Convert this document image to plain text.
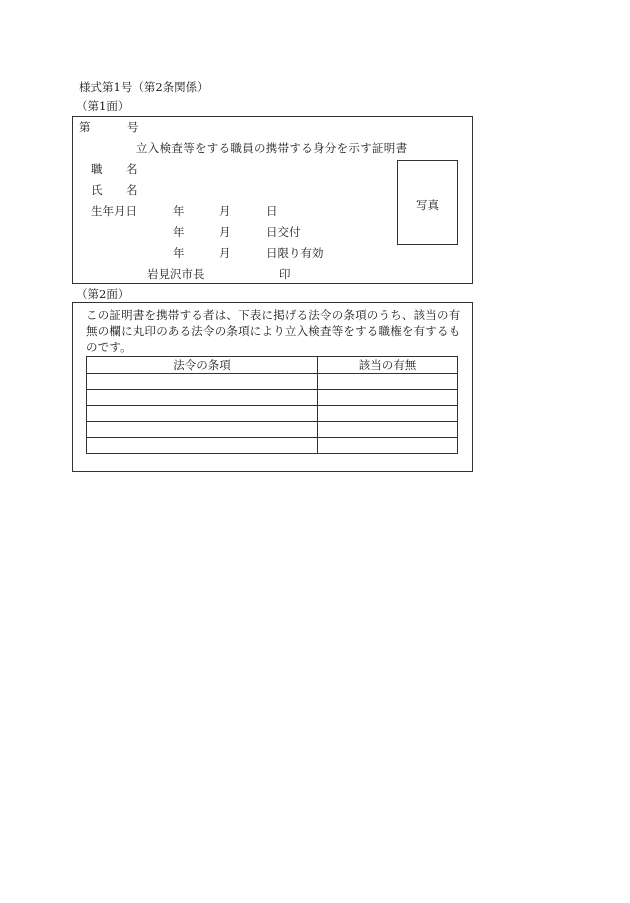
様式第1号（第2条関係）
（第1面）
第	号
立入検査等をする職員の携帯する身分を示す証明書
職 名
氏 名
生年月日	年	月	日
年	月	日交付
年	月	日限り有効
岩見沢市長	印
写真
（第2面）
この証明書を携帯する者は、下表に掲げる法令の条項のうち、該当の有無の欄に丸印のある法令の条項により立入検査等をする職権を有するものです。
法令の条項	該当の有無
